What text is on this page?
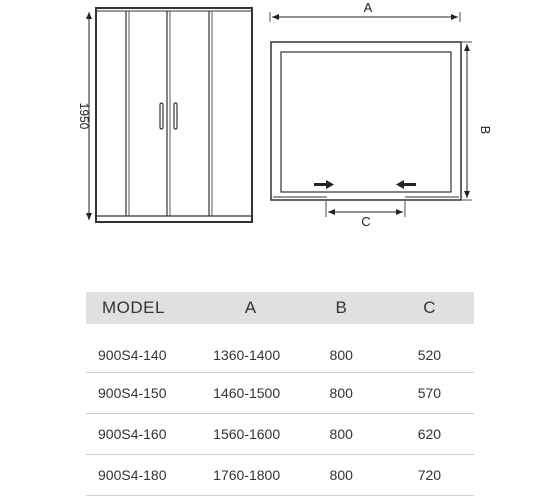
1950
A
B
C
MODEL	A	B	C
900S4-140	1360-1400	800	520

900S4-150	1460-1500	800	570

900S4-160	1560-1600	800	620

900S4-180	1760-1800	800	720
